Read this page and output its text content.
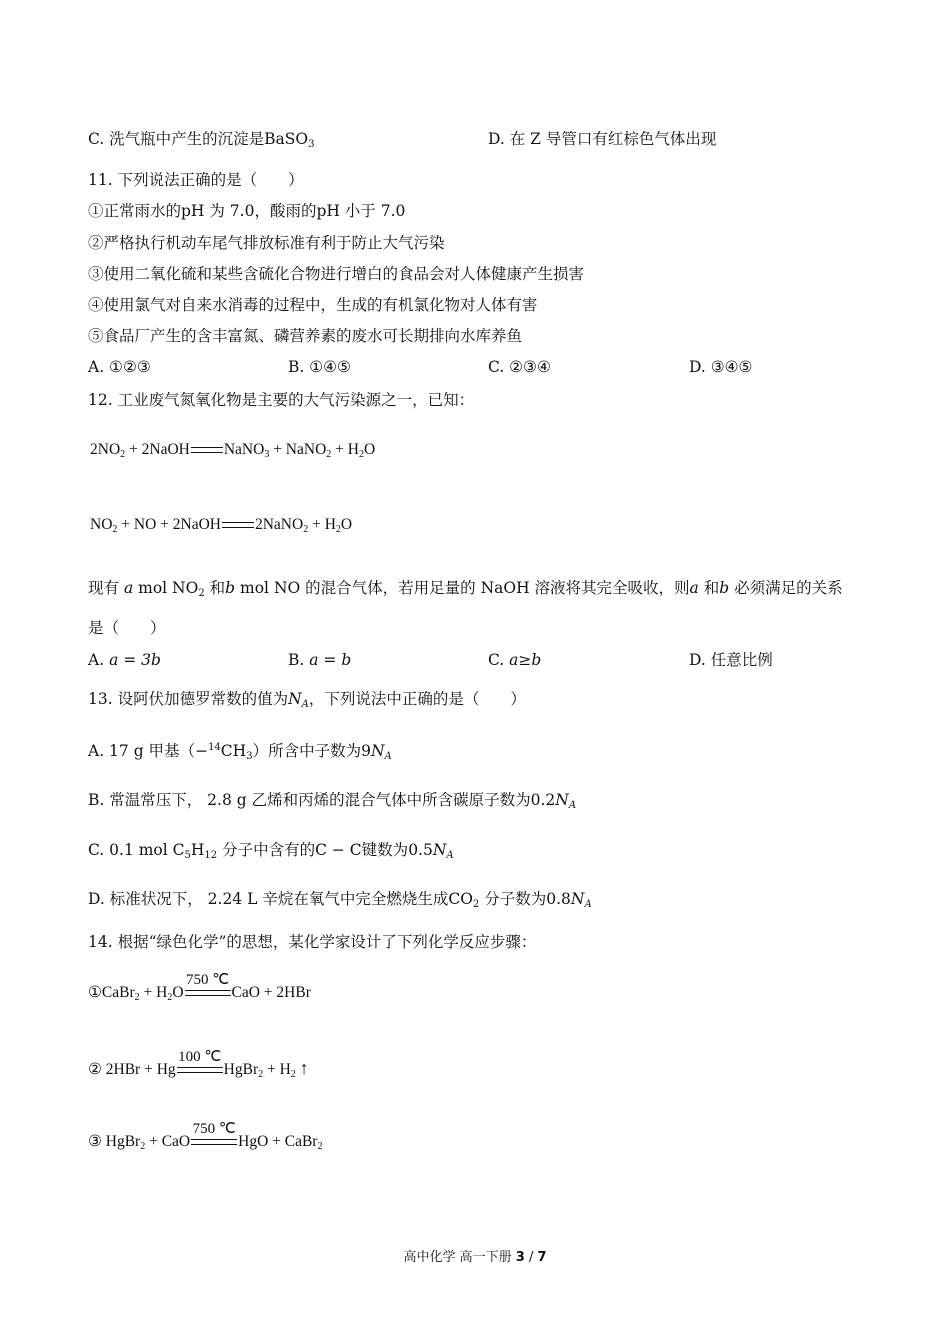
C. 洗气瓶中产生的沉淀是BaSO$_3$	D. 在 Z 导管口有红棕色气体出现
11. 下列说法正确的是（　　）
①正常雨水的pH 为 7.0，酸雨的pH 小于 7.0
②严格执行机动车尾气排放标准有利于防止大气污染
③使用二氧化硫和某些含硫化合物进行增白的食品会对人体健康产生损害
④使用氯气对自来水消毒的过程中，生成的有机氯化物对人体有害
⑤食品厂产生的含丰富氮、磷营养素的废水可长期排向水库养鱼
A. ①②③	B. ①④⑤	C. ②③④	D. ③④⑤
12. 工业废气氮氧化物是主要的大气污染源之一，已知：
$2NO_2$ + 2NaOH NaNO$_3$ + NaNO$_2$ + $H_2O$
$NO_2$ + NO + 2NaOH 2NaNO$_2$ + $H_2O$
现有 a mol $NO_2$ 和b mol NO 的混合气体，若用足量的 NaOH 溶液将其完全吸收，则a 和b 必须满足的关系
是（　　）
A. a = 3b	B. a = b	C. a≥b	D. 任意比例
13. 设阿伏加德罗常数的值为$N_A$，下列说法中正确的是（　　）
A. 17 g 甲基$(-^{14}CH_3)$所含中子数为$9N_A$
B. 常温常压下， 2.8 g 乙烯和丙烯的混合气体中所含碳原子数为$0.2N_A$
C. 0.1 mol $C_5H_{12}$ 分子中含有的C − C键数为$0.5N_A$
D. 标准状况下， 2.24 L 辛烷在氧气中完全燃烧生成$CO_2$ 分子数为$0.8N_A$
14. 根据“绿色化学”的思想，某化学家设计了下列化学反应步骤：
①CaBr$_2$ + $H_2O$
750 ℃
CaO + 2HBr
② 2HBr + Hg
100 ℃
HgBr$_2$ + $H_2$ ↑
③ HgBr$_2$ + CaO
750 ℃
HgO + CaBr$_2$
高中化学 高一下册 3 / 7
